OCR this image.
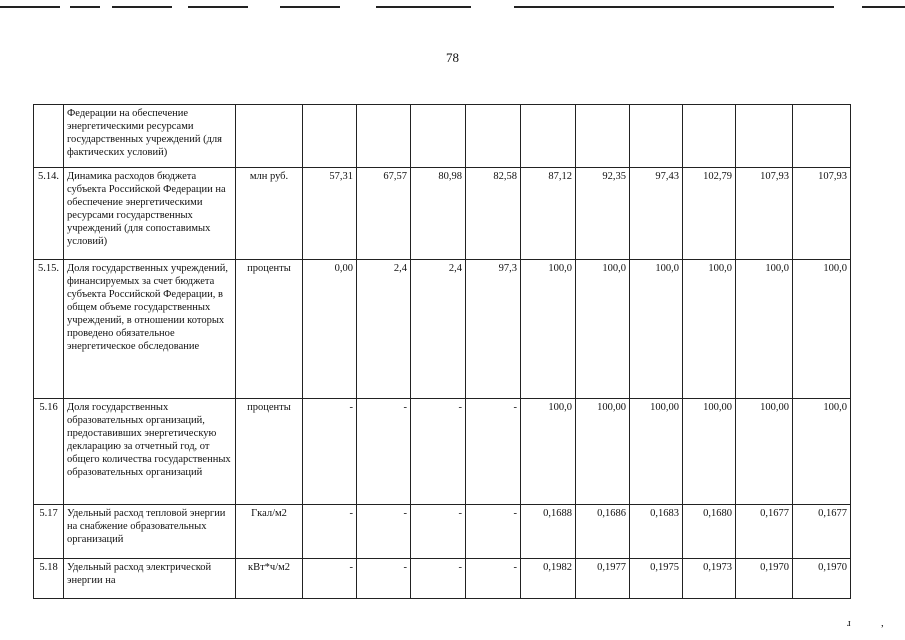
78
	Федерации на обеспечение энергетическими ресурсами государственных учреждений (для фактических условий)											
5.14.	Динамика расходов бюджета субъекта Российской Федерации на обеспечение энергетическими ресурсами государственных учреждений (для сопоставимых условий)	млн руб.	57,31	67,57	80,98	82,58	87,12	92,35	97,43	102,79	107,93	107,93
5.15.	Доля государственных учреждений, финансируемых за счет бюджета субъекта Российской Федерации, в общем объеме государственных учреждений, в отношении которых проведено обязательное энергетическое обследование	проценты	0,00	2,4	2,4	97,3	100,0	100,0	100,0	100,0	100,0	100,0
5.16	Доля государственных образовательных организаций, предоставивших энергетическую декларацию за отчетный год, от общего количества государственных образовательных организаций	проценты	-	-	-	-	100,0	100,00	100,00	100,00	100,00	100,0
5.17	Удельный расход тепловой энергии на снабжение образовательных организаций	Гкал/м2	-	-	-	-	0,1688	0,1686	0,1683	0,1680	0,1677	0,1677
5.18	Удельный расход электрической энергии на	кВт*ч/м2	-	-	-	-	0,1982	0,1977	0,1975	0,1973	0,1970	0,1970
ɹ	,
